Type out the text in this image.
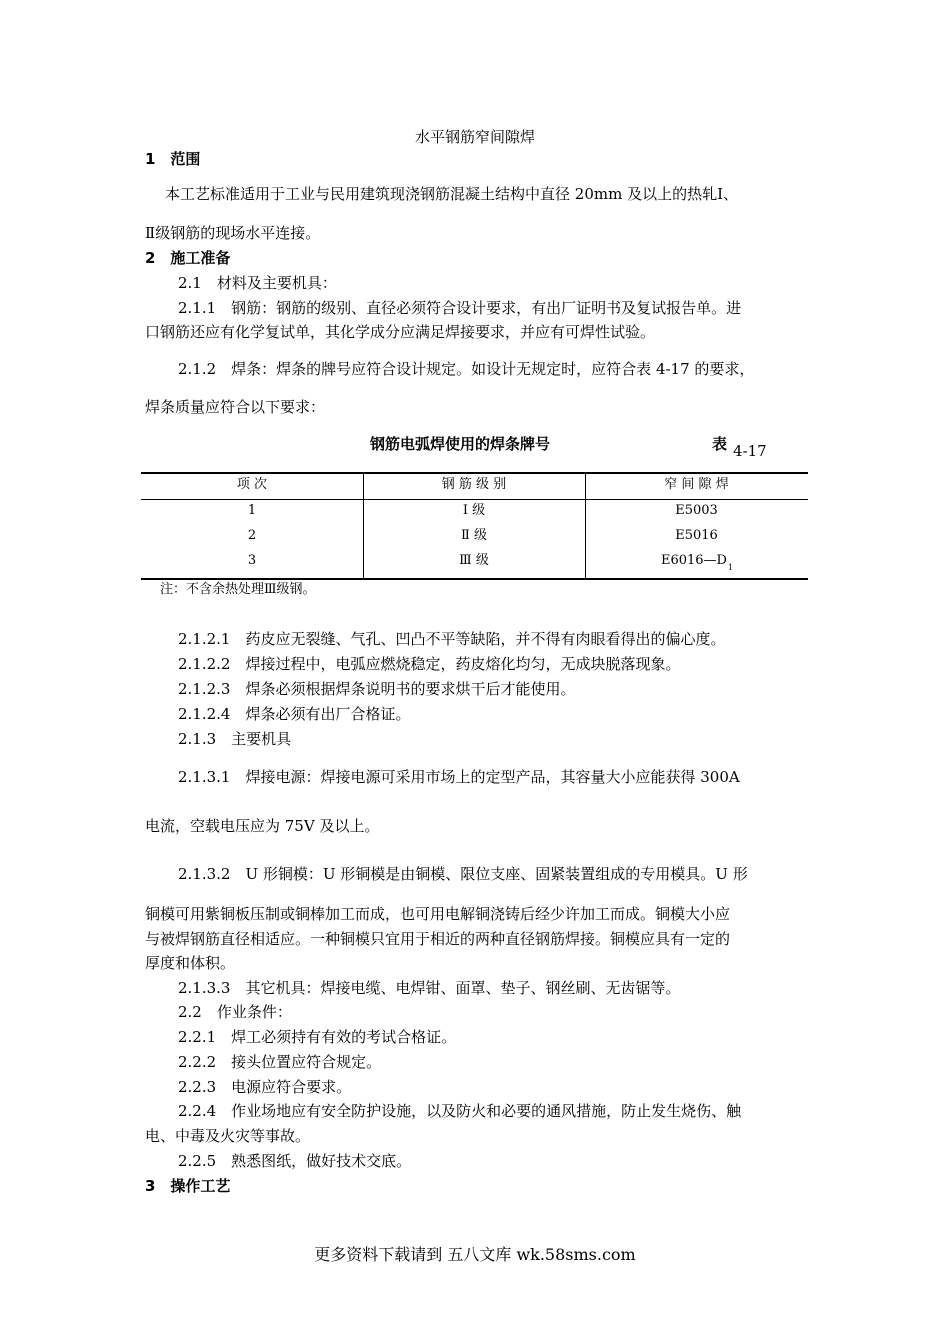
水平钢筋窄间隙焊
1　范围
本工艺标准适用于工业与民用建筑现浇钢筋混凝土结构中直径 20mm 及以上的热轧Ⅰ、
Ⅱ级钢筋的现场水平连接。
2　施工准备
2.1　材料及主要机具：
2.1.1　钢筋：钢筋的级别、直径必须符合设计要求，有出厂证明书及复试报告单。进
口钢筋还应有化学复试单，其化学成分应满足焊接要求，并应有可焊性试验。
2.1.2　焊条：焊条的牌号应符合设计规定。如设计无规定时，应符合表 4-17 的要求，
焊条质量应符合以下要求：
钢筋电弧焊使用的焊条牌号	表 4-17
项 次	钢 筋 级 别	窄 间 隙 焊
1	Ⅰ 级	E5003
2	Ⅱ 级	E5016
3	Ⅲ 级	$E6016—D_1$
注：不含余热处理Ⅲ级钢。
2.1.2.1　药皮应无裂缝、气孔、凹凸不平等缺陷，并不得有肉眼看得出的偏心度。
2.1.2.2　焊接过程中，电弧应燃烧稳定，药皮熔化均匀，无成块脱落现象。
2.1.2.3　焊条必须根据焊条说明书的要求烘干后才能使用。
2.1.2.4　焊条必须有出厂合格证。
2.1.3　主要机具
2.1.3.1　焊接电源：焊接电源可采用市场上的定型产品，其容量大小应能获得 300A
电流，空载电压应为 75V 及以上。
2.1.3.2　U 形铜模：U 形铜模是由铜模、限位支座、固紧装置组成的专用模具。U 形
铜模可用紫铜板压制或铜棒加工而成，也可用电解铜浇铸后经少许加工而成。铜模大小应
与被焊钢筋直径相适应。一种铜模只宜用于相近的两种直径钢筋焊接。铜模应具有一定的
厚度和体积。
2.1.3.3　其它机具：焊接电缆、电焊钳、面罩、垫子、钢丝刷、无齿锯等。
2.2　作业条件：
2.2.1　焊工必须持有有效的考试合格证。
2.2.2　接头位置应符合规定。
2.2.3　电源应符合要求。
2.2.4　作业场地应有安全防护设施，以及防火和必要的通风措施，防止发生烧伤、触
电、中毒及火灾等事故。
2.2.5　熟悉图纸，做好技术交底。
3　操作工艺
更多资料下载请到 五八文库 wk.58sms.com
